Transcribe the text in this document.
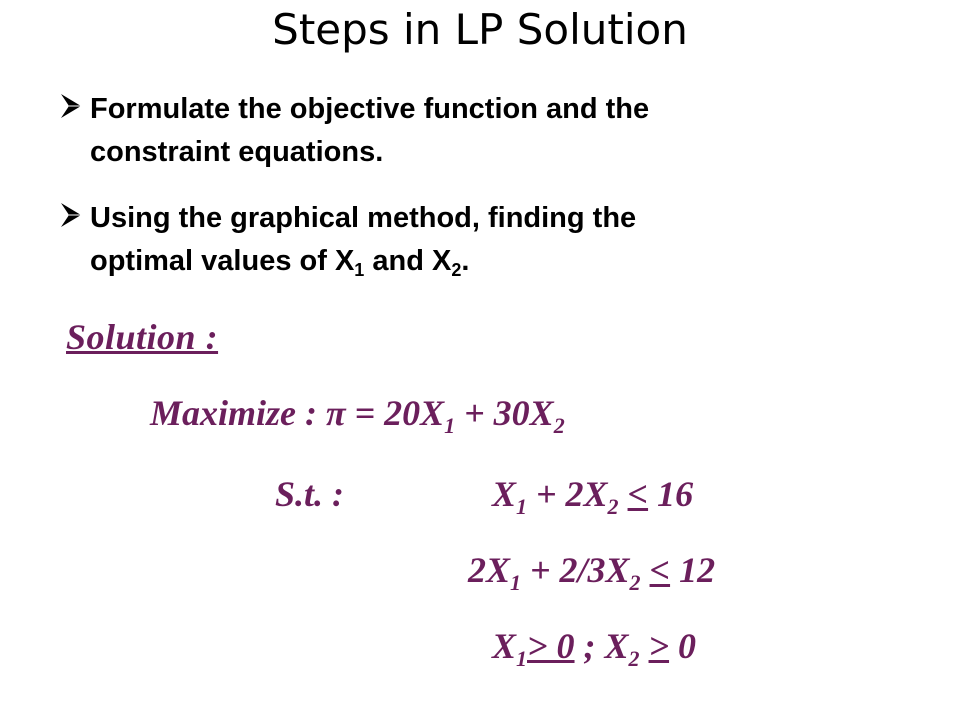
Steps in LP Solution
Formulate the objective function and the
constraint equations.
Using the graphical method, finding the
optimal values of $X_1$ and $X_2$.
Solution :
Maximize : $\pi = 20X_1 + 30X_2$
S.t. :	$X_1 + 2X_2 \le 16$
$2X_1 + 2/3X_2 \le 12$
$X_1> 0$ ; $X_2 \ge 0$
